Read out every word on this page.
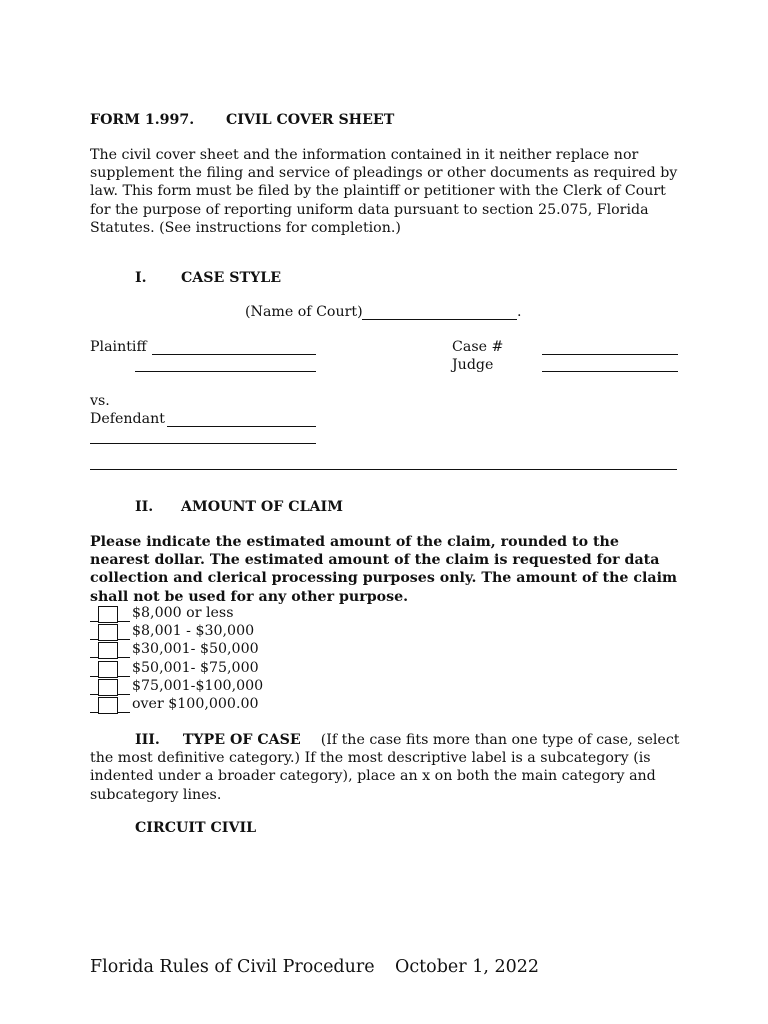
FORM 1.997. CIVIL COVER SHEET
The civil cover sheet and the information contained in it neither replace nor supplement the filing and service of pleadings or other documents as required by law. This form must be filed by the plaintiff or petitioner with the Clerk of Court for the purpose of reporting uniform data pursuant to section 25.075, Florida Statutes. (See instructions for completion.)
I. CASE STYLE
(Name of Court)	.
Plaintiff	Case #
Judge
vs.
Defendant
II. AMOUNT OF CLAIM
Please indicate the estimated amount of the claim, rounded to the nearest dollar. The estimated amount of the claim is requested for data collection and clerical processing purposes only. The amount of the claim shall not be used for any other purpose.
$8,000 or less
$8,001 - $30,000
$30,001- $50,000
$50,001- $75,000
$75,001-$100,000
over $100,000.00
III. TYPE OF CASE (If the case fits more than one type of case, select the most definitive category.) If the most descriptive label is a subcategory (is indented under a broader category), place an x on both the main category and subcategory lines.
CIRCUIT CIVIL
Florida Rules of Civil Procedure October 1, 2022
